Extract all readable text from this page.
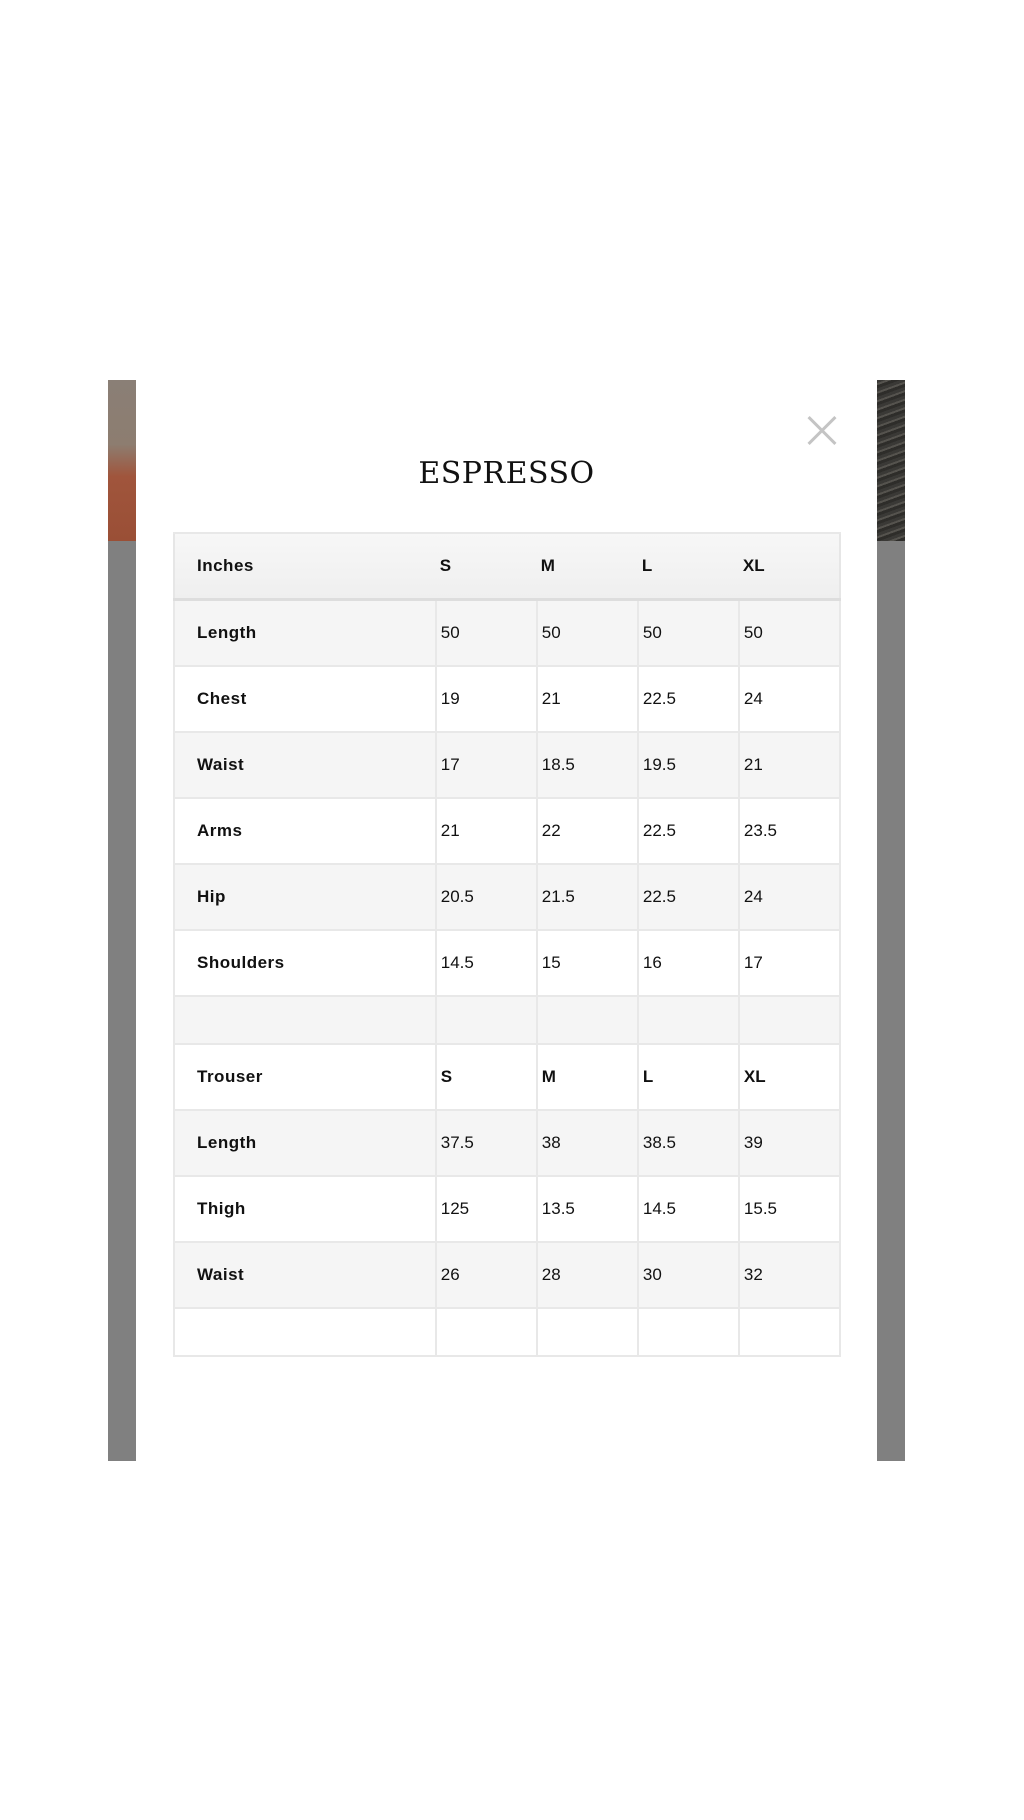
ESPRESSO
Inches	S	M	L	XL
Length	50	50	50	50
Chest	19	21	22.5	24
Waist	17	18.5	19.5	21
Arms	21	22	22.5	23.5
Hip	20.5	21.5	22.5	24
Shoulders	14.5	15	16	17

Trouser	S	M	L	XL
Length	37.5	38	38.5	39
Thigh	125	13.5	14.5	15.5
Waist	26	28	30	32
